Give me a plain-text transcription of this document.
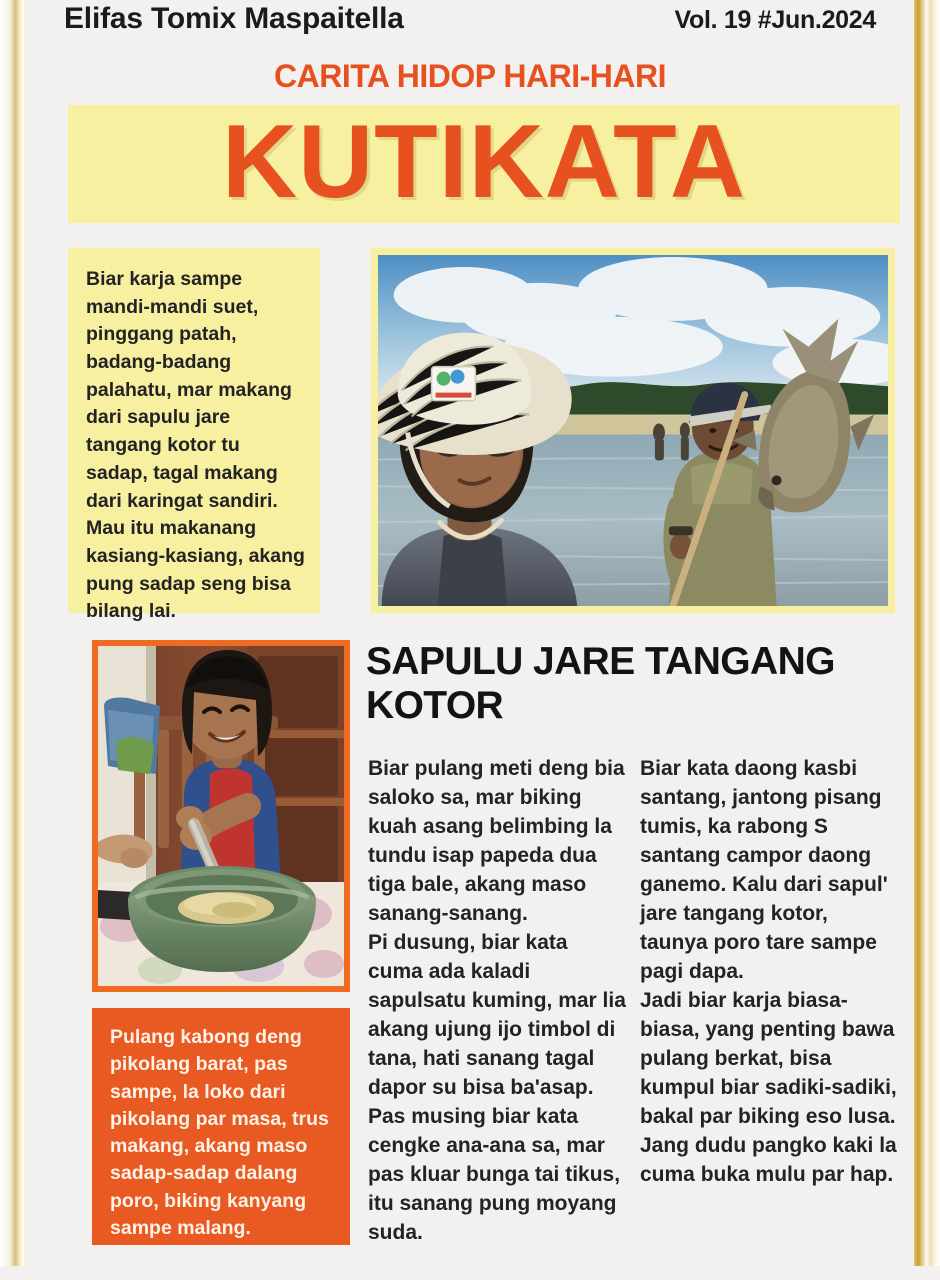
Elifas Tomix Maspaitella	Vol. 19 #Jun.2024
CARITA HIDOP HARI-HARI
KUTIKATA
Biar karja sampe mandi-mandi suet, pinggang patah, badang-badang palahatu, mar makang dari sapulu jare tangang kotor tu sadap, tagal makang dari karingat sandiri. Mau itu makanang kasiang-kasiang, akang pung sadap seng bisa bilang lai.
SAPULU JARE TANGANG KOTOR
Pulang kabong deng pikolang barat, pas sampe, la loko dari pikolang par masa, trus makang, akang maso sadap-sadap dalang poro, biking kanyang sampe malang.

Biar pulang meti deng bia saloko sa, mar biking kuah asang belimbing la tundu isap papeda dua tiga bale, akang maso sanang-sanang.

Pi dusung, biar kata cuma ada kaladi sapulsatu kuming, mar lia akang ujung ijo timbol di tana, hati sanang tagal dapor su bisa ba'asap.

Pas musing biar kata cengke ana-ana sa, mar pas kluar bunga tai tikus, itu sanang pung moyang suda.

Biar kata daong kasbi santang, jantong pisang tumis, ka rabong S santang campor daong ganemo. Kalu dari sapul' jare tangang kotor, taunya poro tare sampe pagi dapa.

Jadi biar karja biasa-biasa, yang penting bawa pulang berkat, bisa kumpul biar sadiki-sadiki, bakal par biking eso lusa. Jang dudu pangko kaki la cuma buka mulu par hap.
